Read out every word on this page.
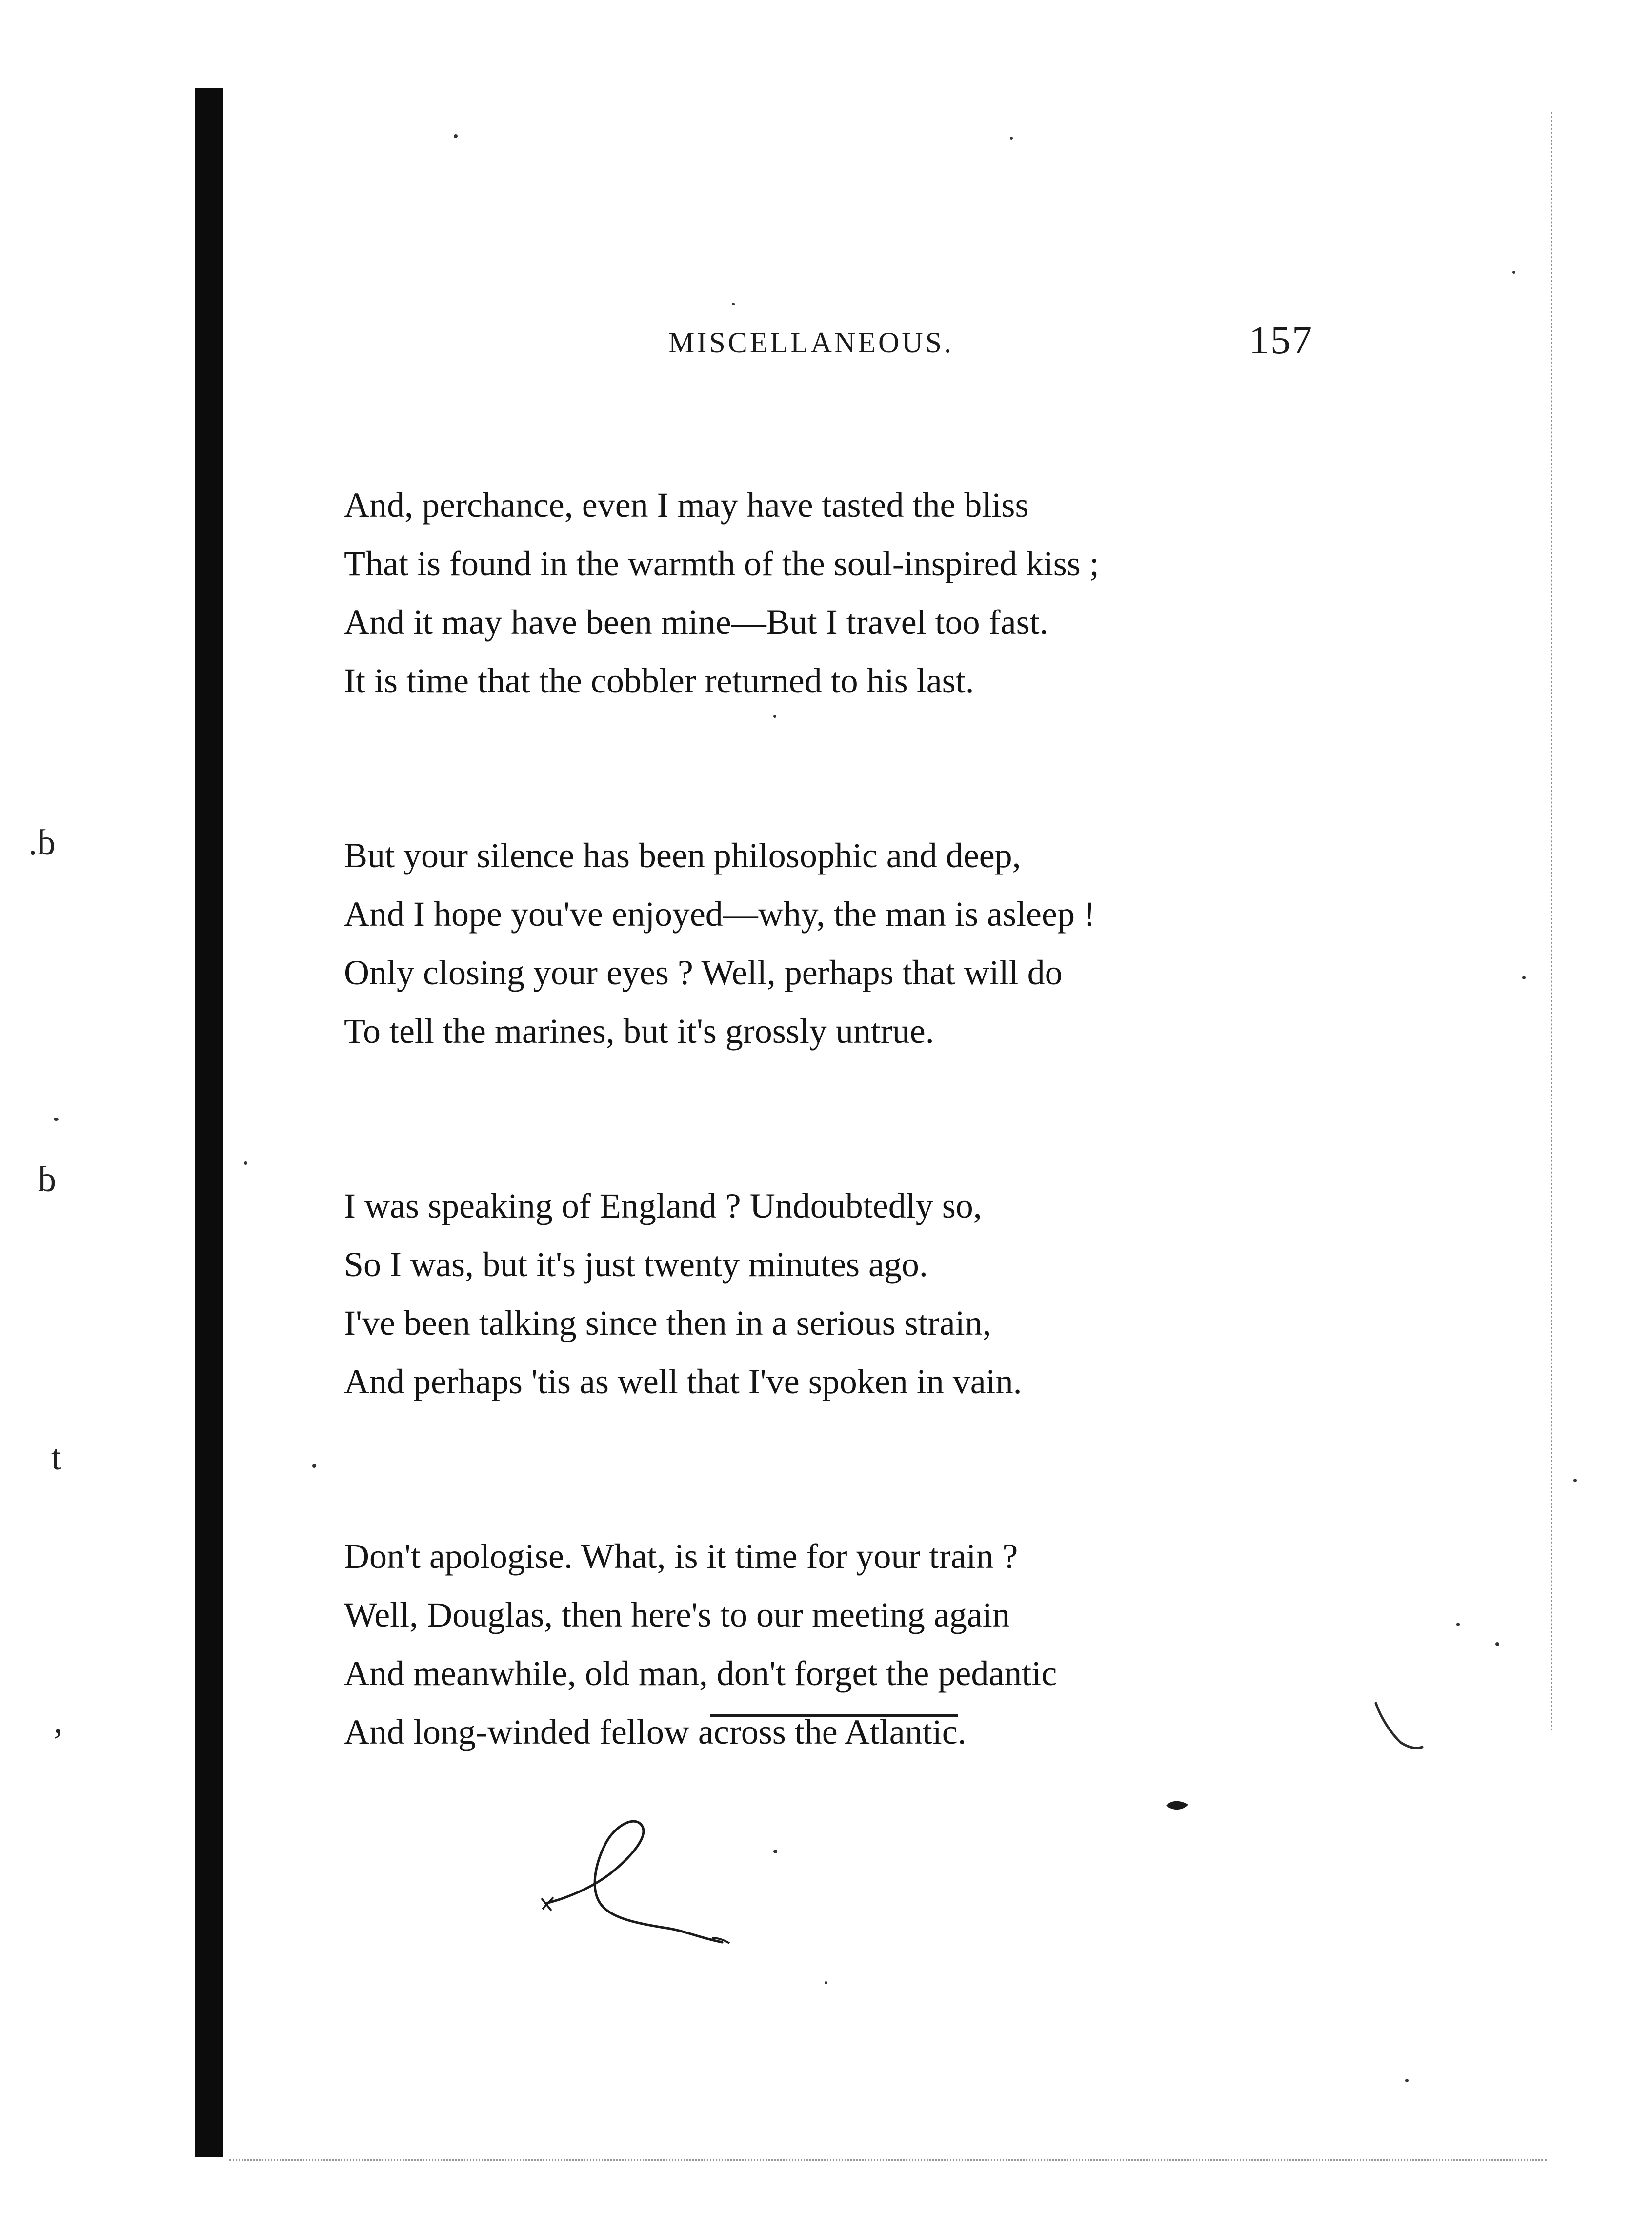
d.
d
t
,
MISCELLANEOUS.	157
And, perchance, even I may have tasted the bliss
That is found in the warmth of the soul-inspired kiss ;
And it may have been mine—But I travel too fast.
It is time that the cobbler returned to his last.
But your silence has been philosophic and deep,
And I hope you've enjoyed—why, the man is asleep !
Only closing your eyes ? Well, perhaps that will do
To tell the marines, but it's grossly untrue.
I was speaking of England ? Undoubtedly so,
So I was, but it's just twenty minutes ago.
I've been talking since then in a serious strain,
And perhaps 'tis as well that I've spoken in vain.
Don't apologise. What, is it time for your train ?
Well, Douglas, then here's to our meeting again
And meanwhile, old man, don't forget the pedantic
And long-winded fellow across the Atlantic.
